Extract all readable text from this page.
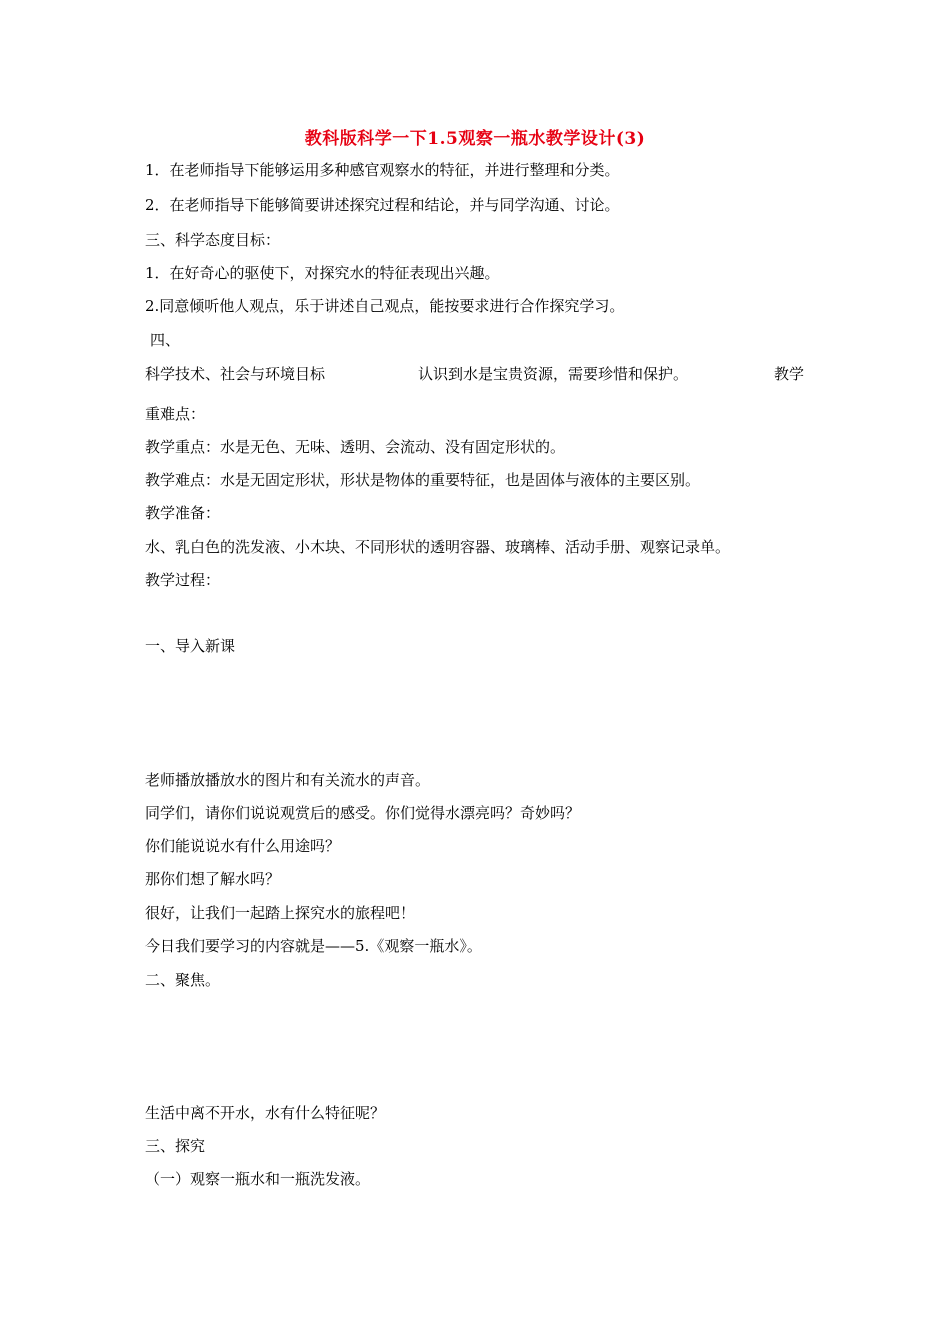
教科版科学一下1.5观察一瓶水教学设计(3)
1．在老师指导下能够运用多种感官观察水的特征，并进行整理和分类。
2．在老师指导下能够简要讲述探究过程和结论，并与同学沟通、讨论。
三、科学态度目标：
1．在好奇心的驱使下，对探究水的特征表现出兴趣。
2.同意倾听他人观点，乐于讲述自己观点，能按要求进行合作探究学习。
四、
科学技术、社会与环境目标	认识到水是宝贵资源，需要珍惜和保护。	教学
重难点：
教学重点：水是无色、无味、透明、会流动、没有固定形状的。
教学难点：水是无固定形状，形状是物体的重要特征，也是固体与液体的主要区别。
教学准备：
水、乳白色的洗发液、小木块、不同形状的透明容器、玻璃棒、活动手册、观察记录单。
教学过程：
一、导入新课
老师播放播放水的图片和有关流水的声音。
同学们，请你们说说观赏后的感受。你们觉得水漂亮吗？奇妙吗？
你们能说说水有什么用途吗？
那你们想了解水吗？
很好，让我们一起踏上探究水的旅程吧！
今日我们要学习的内容就是——5.《观察一瓶水》。
二、聚焦。
生活中离不开水，水有什么特征呢？
三、探究
（一）观察一瓶水和一瓶洗发液。
